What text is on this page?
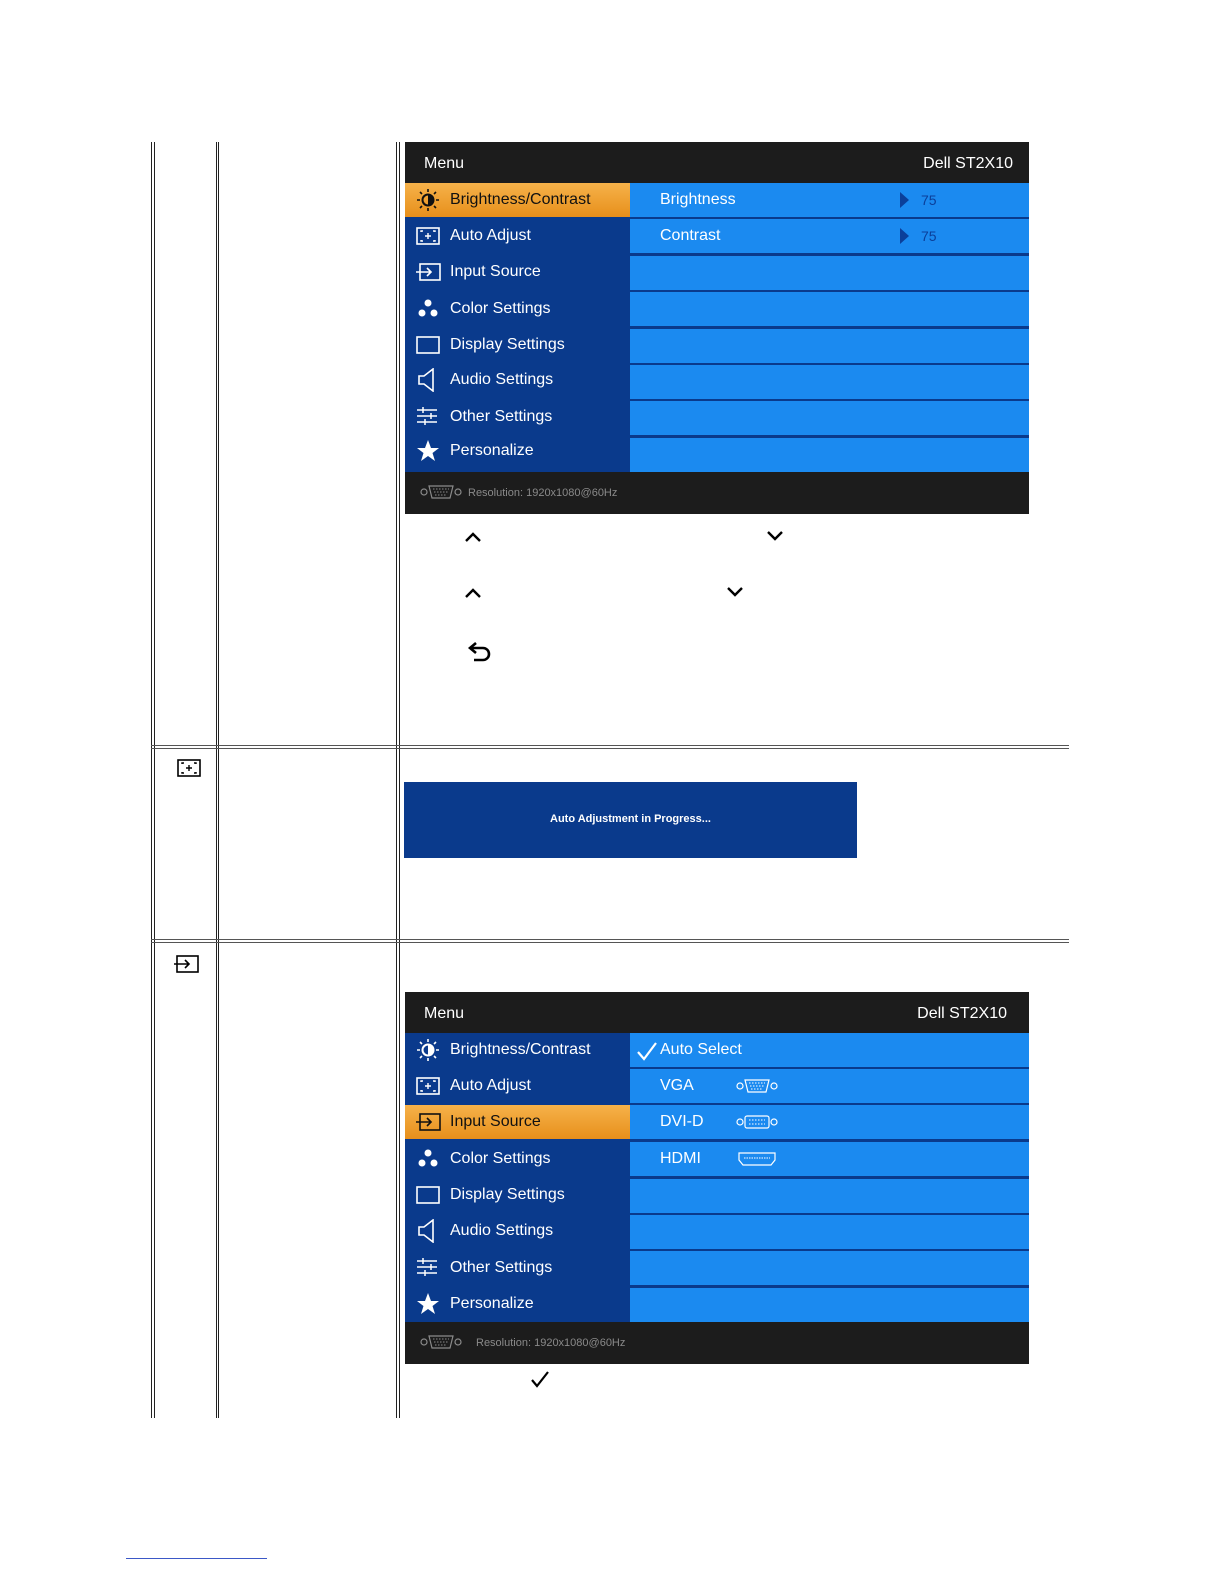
Menu	Dell ST2X10
Brightness/Contrast
Auto Adjust
Input Source
Color Settings
Display Settings
Audio Settings
Other Settings
Personalize
Brightness	75
Contrast	75
Resolution: 1920x1080@60Hz
Auto Adjustment in Progress...
Menu	Dell ST2X10
Brightness/Contrast
Auto Adjust
Input Source
Color Settings
Display Settings
Audio Settings
Other Settings
Personalize
Auto Select
VGA
DVI-D
HDMI
Resolution: 1920x1080@60Hz
